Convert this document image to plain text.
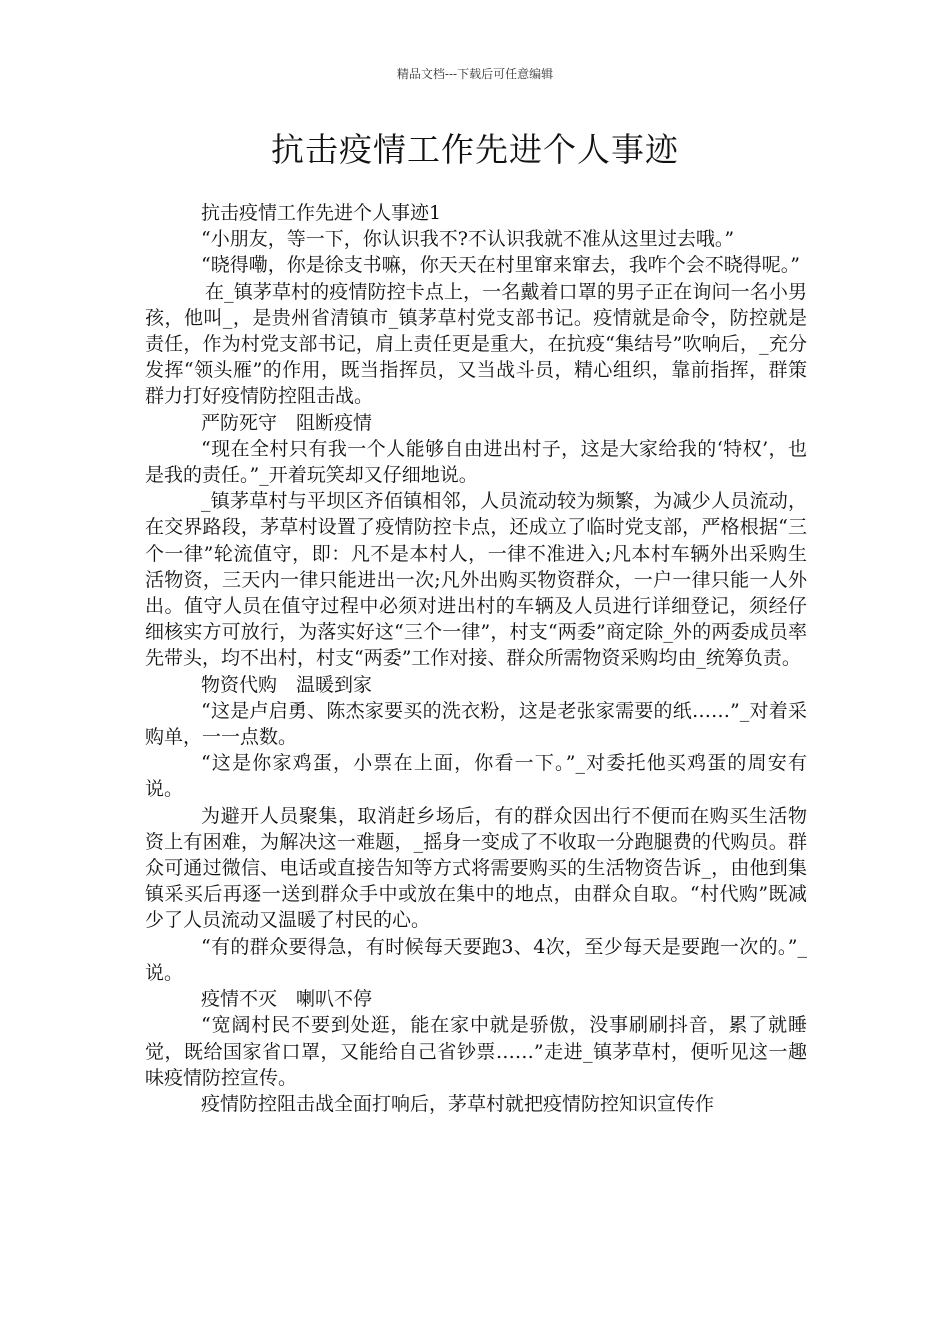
精品文档---下载后可任意编辑
抗击疫情工作先进个人事迹

抗击疫情工作先进个人事迹1

“小朋友，等一下，你认识我不?不认识我就不准从这里过去哦。”

“晓得嘞，你是徐支书嘛，你天天在村里窜来窜去，我咋个会不晓得呢。”

在_镇茅草村的疫情防控卡点上，一名戴着口罩的男子正在询问一名小男孩，他叫_，是贵州省清镇市_镇茅草村党支部书记。疫情就是命令，防控就是责任，作为村党支部书记，肩上责任更是重大，在抗疫“集结号”吹响后，_充分发挥“领头雁”的作用，既当指挥员，又当战斗员，精心组织，靠前指挥，群策群力打好疫情防控阻击战。

严防死守　阻断疫情

“现在全村只有我一个人能够自由进出村子，这是大家给我的‘特权’，也是我的责任。”_开着玩笑却又仔细地说。

_镇茅草村与平坝区齐佰镇相邻，人员流动较为频繁，为减少人员流动，在交界路段，茅草村设置了疫情防控卡点，还成立了临时党支部，严格根据“三个一律”轮流值守，即：凡不是本村人，一律不准进入;凡本村车辆外出采购生活物资，三天内一律只能进出一次;凡外出购买物资群众，一户一律只能一人外出。值守人员在值守过程中必须对进出村的车辆及人员进行详细登记，须经仔细核实方可放行，为落实好这“三个一律”，村支“两委”商定除_外的两委成员率先带头，均不出村，村支“两委”工作对接、群众所需物资采购均由_统筹负责。

物资代购　温暖到家

“这是卢启勇、陈杰家要买的洗衣粉，这是老张家需要的纸……”_对着采购单，一一点数。

“这是你家鸡蛋，小票在上面，你看一下。”_对委托他买鸡蛋的周安有说。

为避开人员聚集，取消赶乡场后，有的群众因出行不便而在购买生活物资上有困难，为解决这一难题，_摇身一变成了不收取一分跑腿费的代购员。群众可通过微信、电话或直接告知等方式将需要购买的生活物资告诉_，由他到集镇采买后再逐一送到群众手中或放在集中的地点，由群众自取。“村代购”既减少了人员流动又温暖了村民的心。

“有的群众要得急，有时候每天要跑3、4次，至少每天是要跑一次的。”_说。

疫情不灭　喇叭不停

“宽阔村民不要到处逛，能在家中就是骄傲，没事刷刷抖音，累了就睡觉，既给国家省口罩，又能给自己省钞票……”走进_镇茅草村，便听见这一趣味疫情防控宣传。

疫情防控阻击战全面打响后，茅草村就把疫情防控知识宣传作
